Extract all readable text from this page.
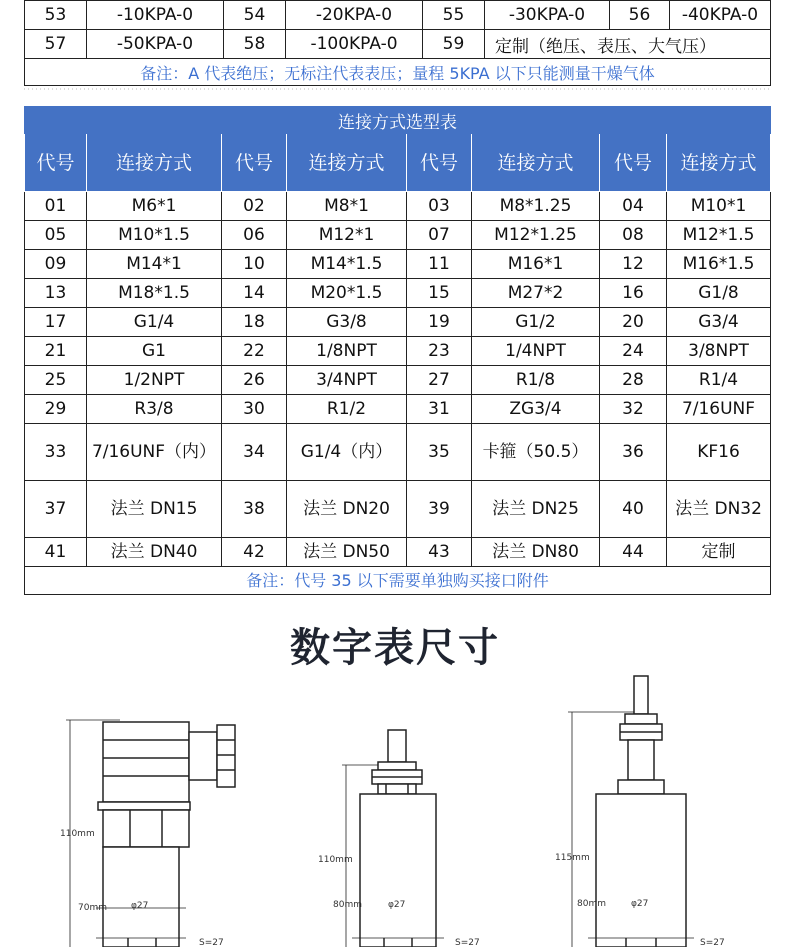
53	-10KPA-0	54	-20KPA-0	55	-30KPA-0	56	-40KPA-0
57	-50KPA-0	58	-100KPA-0	59	定制（绝压、表压、大气压）		
备注：A 代表绝压；无标注代表表压；量程 5KPA 以下只能测量干燥气体							
连接方式选型表							
代号	连接方式	代号	连接方式	代号	连接方式	代号	连接方式
01	M6*1	02	M8*1	03	M8*1.25	04	M10*1
05	M10*1.5	06	M12*1	07	M12*1.25	08	M12*1.5
09	M14*1	10	M14*1.5	11	M16*1	12	M16*1.5
13	M18*1.5	14	M20*1.5	15	M27*2	16	G1/8
17	G1/4	18	G3/8	19	G1/2	20	G3/4
21	G1	22	1/8NPT	23	1/4NPT	24	3/8NPT
25	1/2NPT	26	3/4NPT	27	R1/8	28	R1/4
29	R3/8	30	R1/2	31	ZG3/4	32	7/16UNF
33	7/16UNF（内）	34	G1/4（内）	35	卡箍（50.5）	36	KF16
37	法兰 DN15	38	法兰 DN20	39	法兰 DN25	40	法兰 DN32
41	法兰 DN40	42	法兰 DN50	43	法兰 DN80	44	定制
备注：代号 35 以下需要单独购买接口附件							
数字表尺寸
110mm
70mm	φ27
S=27
110mm
80mm	φ27
S=27
115mm
80mm	φ27
S=27
